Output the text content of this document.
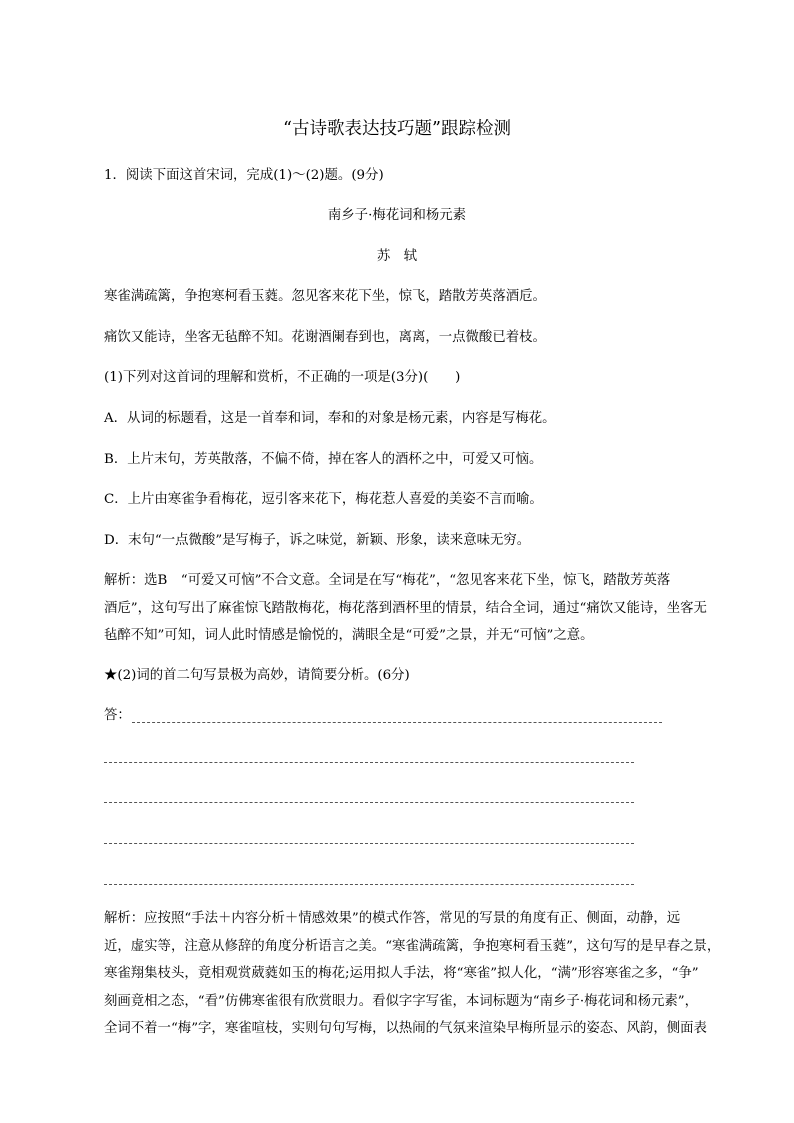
“古诗歌表达技巧题”跟踪检测
1．阅读下面这首宋词，完成(1)～(2)题。(9分)
南乡子·梅花词和杨元素
苏　轼
寒雀满疏篱，争抱寒柯看玉蕤。忽见客来花下坐，惊飞，踏散芳英落酒卮。
痛饮又能诗，坐客无毡醉不知。花谢酒阑春到也，离离，一点微酸已着枝。
(1)下列对这首词的理解和赏析，不正确的一项是(3分)(　　)
A．从词的标题看，这是一首奉和词，奉和的对象是杨元素，内容是写梅花。
B．上片末句，芳英散落，不偏不倚，掉在客人的酒杯之中，可爱又可恼。
C．上片由寒雀争看梅花，逗引客来花下，梅花惹人喜爱的美姿不言而喻。
D．末句“一点微酸”是写梅子，诉之味觉，新颖、形象，读来意味无穷。
解析：选B　“可爱又可恼”不合文意。全词是在写“梅花”，“忽见客来花下坐，惊飞，踏散芳英落
酒卮”，这句写出了麻雀惊飞踏散梅花，梅花落到酒杯里的情景，结合全词，通过“痛饮又能诗，坐客无
毡醉不知”可知，词人此时情感是愉悦的，满眼全是“可爱”之景，并无“可恼”之意。
★(2)词的首二句写景极为高妙，请简要分析。(6分)
答：
解析：应按照“手法＋内容分析＋情感效果”的模式作答，常见的写景的角度有正、侧面，动静，远
近，虚实等，注意从修辞的角度分析语言之美。“寒雀满疏篱，争抱寒柯看玉蕤”，这句写的是早春之景，
寒雀翔集枝头，竟相观赏葳蕤如玉的梅花;运用拟人手法，将“寒雀”拟人化，“满”形容寒雀之多，“争”
刻画竟相之态，“看”仿佛寒雀很有欣赏眼力。看似字字写雀，本词标题为“南乡子·梅花词和杨元素”，
全词不着一“梅”字，寒雀喧枝，实则句句写梅，以热闹的气氛来渲染早梅所显示的姿态、风韵，侧面表
